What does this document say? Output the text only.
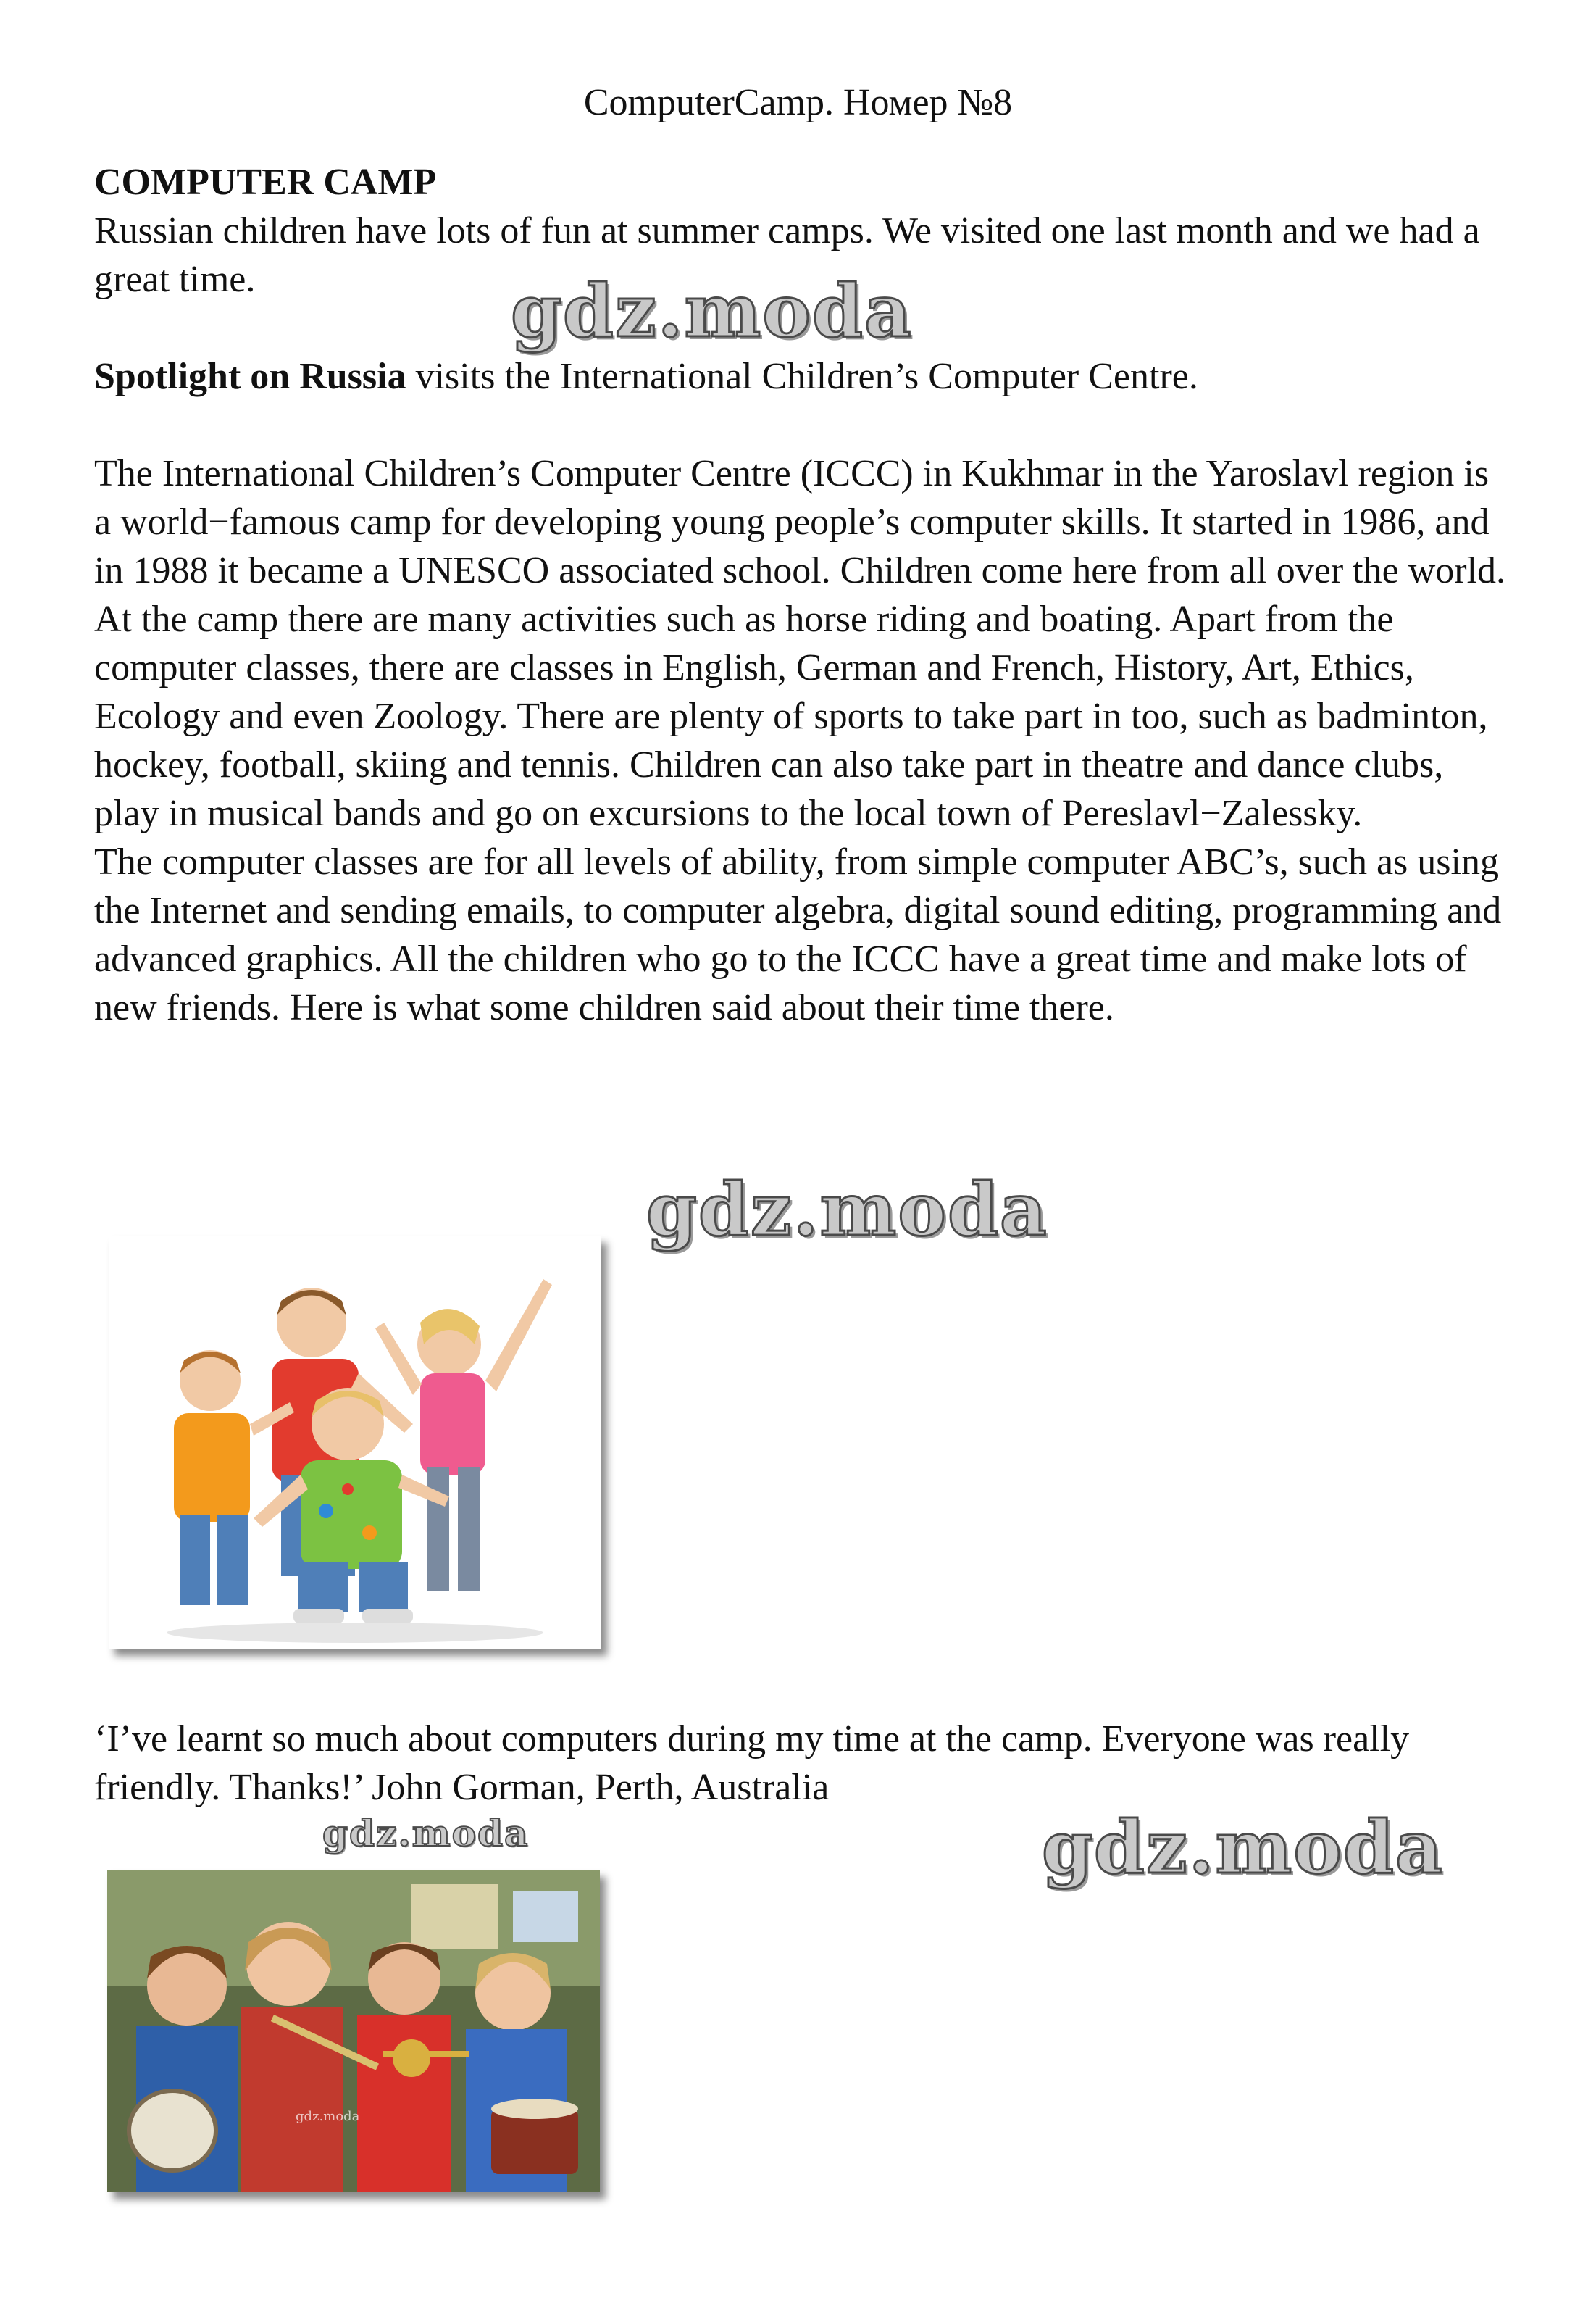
ComputerCamp. Номер №8

COMPUTER CAMP

Russian children have lots of fun at summer camps. We visited one last month and we had a great time.

Spotlight on Russia visits the International Children’s Computer Centre.

The International Children’s Computer Centre (ICCC) in Kukhmar in the Yaroslavl region is a world−famous camp for developing young people’s computer skills. It started in 1986, and in 1988 it became a UNESCO associated school. Children come here from all over the world.

At the camp there are many activities such as horse riding and boating. Apart from the computer classes, there are classes in English, German and French, History, Art, Ethics, Ecology and even Zoology. There are plenty of sports to take part in too, such as badminton, hockey, football, skiing and tennis. Children can also take part in theatre and dance clubs, play in musical bands and go on excursions to the local town of Pereslavl−Zalessky.

The computer classes are for all levels of ability, from simple computer ABC’s, such as using the Internet and sending emails, to computer algebra, digital sound editing, programming and advanced graphics. All the children who go to the ICCC have a great time and make lots of new friends. Here is what some children said about their time there.

‘I’ve learnt so much about computers during my time at the camp. Everyone was really friendly. Thanks!’ John Gorman, Perth, Australia

gdz.moda
gdz.moda
gdz.moda	gdz.moda
gdz.moda
